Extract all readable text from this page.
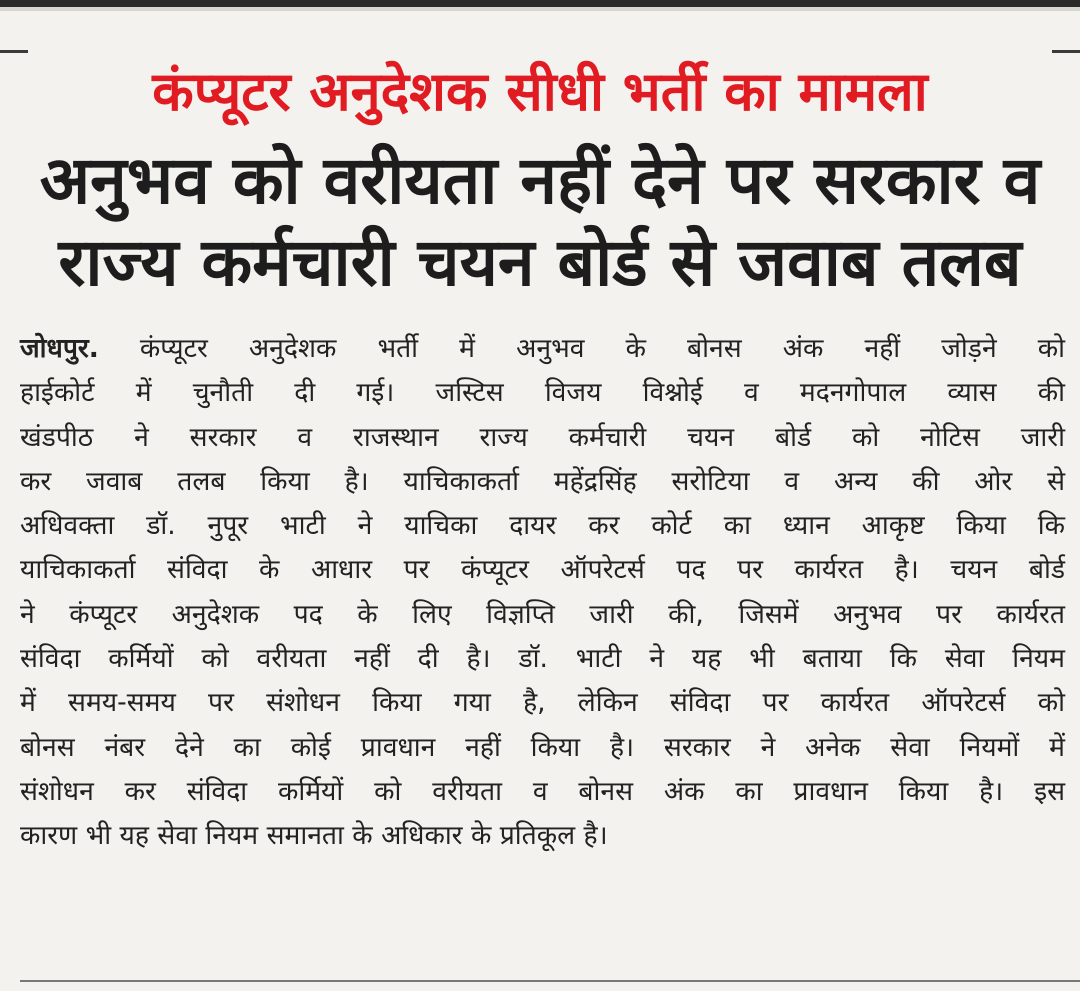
कंप्यूटर अनुदेशक सीधी भर्ती का मामला
अनुभव को वरीयता नहीं देने पर सरकार व
राज्य कर्मचारी चयन बोर्ड से जवाब तलब
जोधपुर. कंप्यूटर अनुदेशक भर्ती में अनुभव के बोनस अंक नहीं जोड़ने को
हाईकोर्ट में चुनौती दी गई। जस्टिस विजय विश्नोई व मदनगोपाल व्यास की
खंडपीठ ने सरकार व राजस्थान राज्य कर्मचारी चयन बोर्ड को नोटिस जारी
कर जवाब तलब किया है। याचिकाकर्ता महेंद्रसिंह सरोटिया व अन्य की ओर से
अधिवक्ता डॉ. नुपूर भाटी ने याचिका दायर कर कोर्ट का ध्यान आकृष्ट किया कि
याचिकाकर्ता संविदा के आधार पर कंप्यूटर ऑपरेटर्स पद पर कार्यरत है। चयन बोर्ड
ने कंप्यूटर अनुदेशक पद के लिए विज्ञप्ति जारी की, जिसमें अनुभव पर कार्यरत
संविदा कर्मियों को वरीयता नहीं दी है। डॉ. भाटी ने यह भी बताया कि सेवा नियम
में समय-समय पर संशोधन किया गया है, लेकिन संविदा पर कार्यरत ऑपरेटर्स को
बोनस नंबर देने का कोई प्रावधान नहीं किया है। सरकार ने अनेक सेवा नियमों में
संशोधन कर संविदा कर्मियों को वरीयता व बोनस अंक का प्रावधान किया है। इस
कारण भी यह सेवा नियम समानता के अधिकार के प्रतिकूल है।
